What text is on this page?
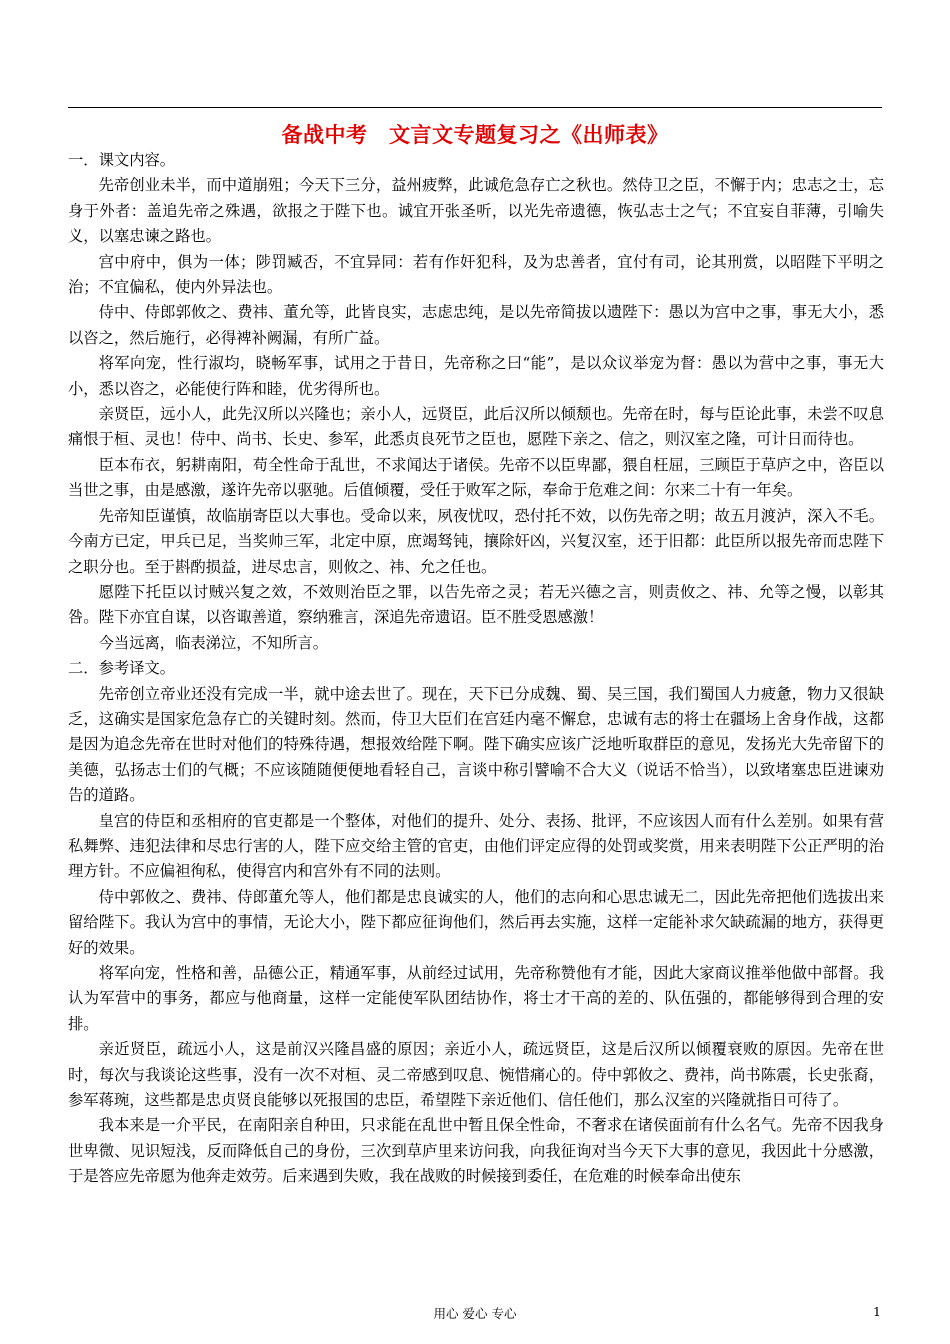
备战中考　文言文专题复习之《出师表》

一．课文内容。

先帝创业未半，而中道崩殂；今天下三分，益州疲弊，此诚危急存亡之秋也。然侍卫之臣，不懈于内；忠志之士，忘身于外者：盖追先帝之殊遇，欲报之于陛下也。诚宜开张圣听，以光先帝遗德，恢弘志士之气；不宜妄自菲薄，引喻失义，以塞忠谏之路也。

宫中府中，俱为一体；陟罚臧否，不宜异同：若有作奸犯科，及为忠善者，宜付有司，论其刑赏，以昭陛下平明之治；不宜偏私，使内外异法也。

侍中、侍郎郭攸之、费祎、董允等，此皆良实，志虑忠纯，是以先帝简拔以遗陛下：愚以为宫中之事，事无大小，悉以咨之，然后施行，必得裨补阙漏，有所广益。

将军向宠，性行淑均，晓畅军事，试用之于昔日，先帝称之曰“能”，是以众议举宠为督：愚以为营中之事，事无大小，悉以咨之，必能使行阵和睦，优劣得所也。

亲贤臣，远小人，此先汉所以兴隆也；亲小人，远贤臣，此后汉所以倾颓也。先帝在时，每与臣论此事，未尝不叹息痛恨于桓、灵也！侍中、尚书、长史、参军，此悉贞良死节之臣也，愿陛下亲之、信之，则汉室之隆，可计日而待也。

臣本布衣，躬耕南阳，苟全性命于乱世，不求闻达于诸侯。先帝不以臣卑鄙，猥自枉屈，三顾臣于草庐之中，咨臣以当世之事，由是感激，遂许先帝以驱驰。后值倾覆，受任于败军之际，奉命于危难之间：尔来二十有一年矣。

先帝知臣谨慎，故临崩寄臣以大事也。受命以来，夙夜忧叹，恐付托不效，以伤先帝之明；故五月渡泸，深入不毛。今南方已定，甲兵已足，当奖帅三军，北定中原，庶竭驽钝，攘除奸凶，兴复汉室，还于旧都：此臣所以报先帝而忠陛下之职分也。至于斟酌损益，进尽忠言，则攸之、祎、允之任也。

愿陛下托臣以讨贼兴复之效，不效则治臣之罪，以告先帝之灵；若无兴德之言，则责攸之、祎、允等之慢，以彰其咎。陛下亦宜自谋，以咨诹善道，察纳雅言，深追先帝遗诏。臣不胜受恩感激！

今当远离，临表涕泣，不知所言。

二．参考译文。

先帝创立帝业还没有完成一半，就中途去世了。现在，天下已分成魏、蜀、吴三国，我们蜀国人力疲惫，物力又很缺乏，这确实是国家危急存亡的关键时刻。然而，侍卫大臣们在宫廷内毫不懈怠，忠诚有志的将士在疆场上舍身作战，这都是因为追念先帝在世时对他们的特殊待遇，想报效给陛下啊。陛下确实应该广泛地听取群臣的意见，发扬光大先帝留下的美德，弘扬志士们的气概；不应该随随便便地看轻自己，言谈中称引譬喻不合大义（说话不恰当），以致堵塞忠臣进谏劝告的道路。

皇宫的侍臣和丞相府的官吏都是一个整体，对他们的提升、处分、表扬、批评，不应该因人而有什么差别。如果有营私舞弊、违犯法律和尽忠行害的人，陛下应交给主管的官吏，由他们评定应得的处罚或奖赏，用来表明陛下公正严明的治理方针。不应偏袒徇私，使得宫内和宫外有不同的法则。

侍中郭攸之、费祎、侍郎董允等人，他们都是忠良诚实的人，他们的志向和心思忠诚无二，因此先帝把他们选拔出来留给陛下。我认为宫中的事情，无论大小，陛下都应征询他们，然后再去实施，这样一定能补求欠缺疏漏的地方，获得更好的效果。

将军向宠，性格和善，品德公正，精通军事，从前经过试用，先帝称赞他有才能，因此大家商议推举他做中部督。我认为军营中的事务，都应与他商量，这样一定能使军队团结协作，将士才干高的差的、队伍强的，都能够得到合理的安排。

亲近贤臣，疏远小人，这是前汉兴隆昌盛的原因；亲近小人，疏远贤臣，这是后汉所以倾覆衰败的原因。先帝在世时，每次与我谈论这些事，没有一次不对桓、灵二帝感到叹息、惋惜痛心的。侍中郭攸之、费祎，尚书陈震，长史张裔，参军蒋琬，这些都是忠贞贤良能够以死报国的忠臣，希望陛下亲近他们、信任他们，那么汉室的兴隆就指日可待了。

我本来是一介平民，在南阳亲自种田，只求能在乱世中暂且保全性命，不奢求在诸侯面前有什么名气。先帝不因我身世卑微、见识短浅，反而降低自己的身份，三次到草庐里来访问我，向我征询对当今天下大事的意见，我因此十分感激，于是答应先帝愿为他奔走效劳。后来遇到失败，我在战败的时候接到委任，在危难的时候奉命出使东

用心 爱心 专心	1
